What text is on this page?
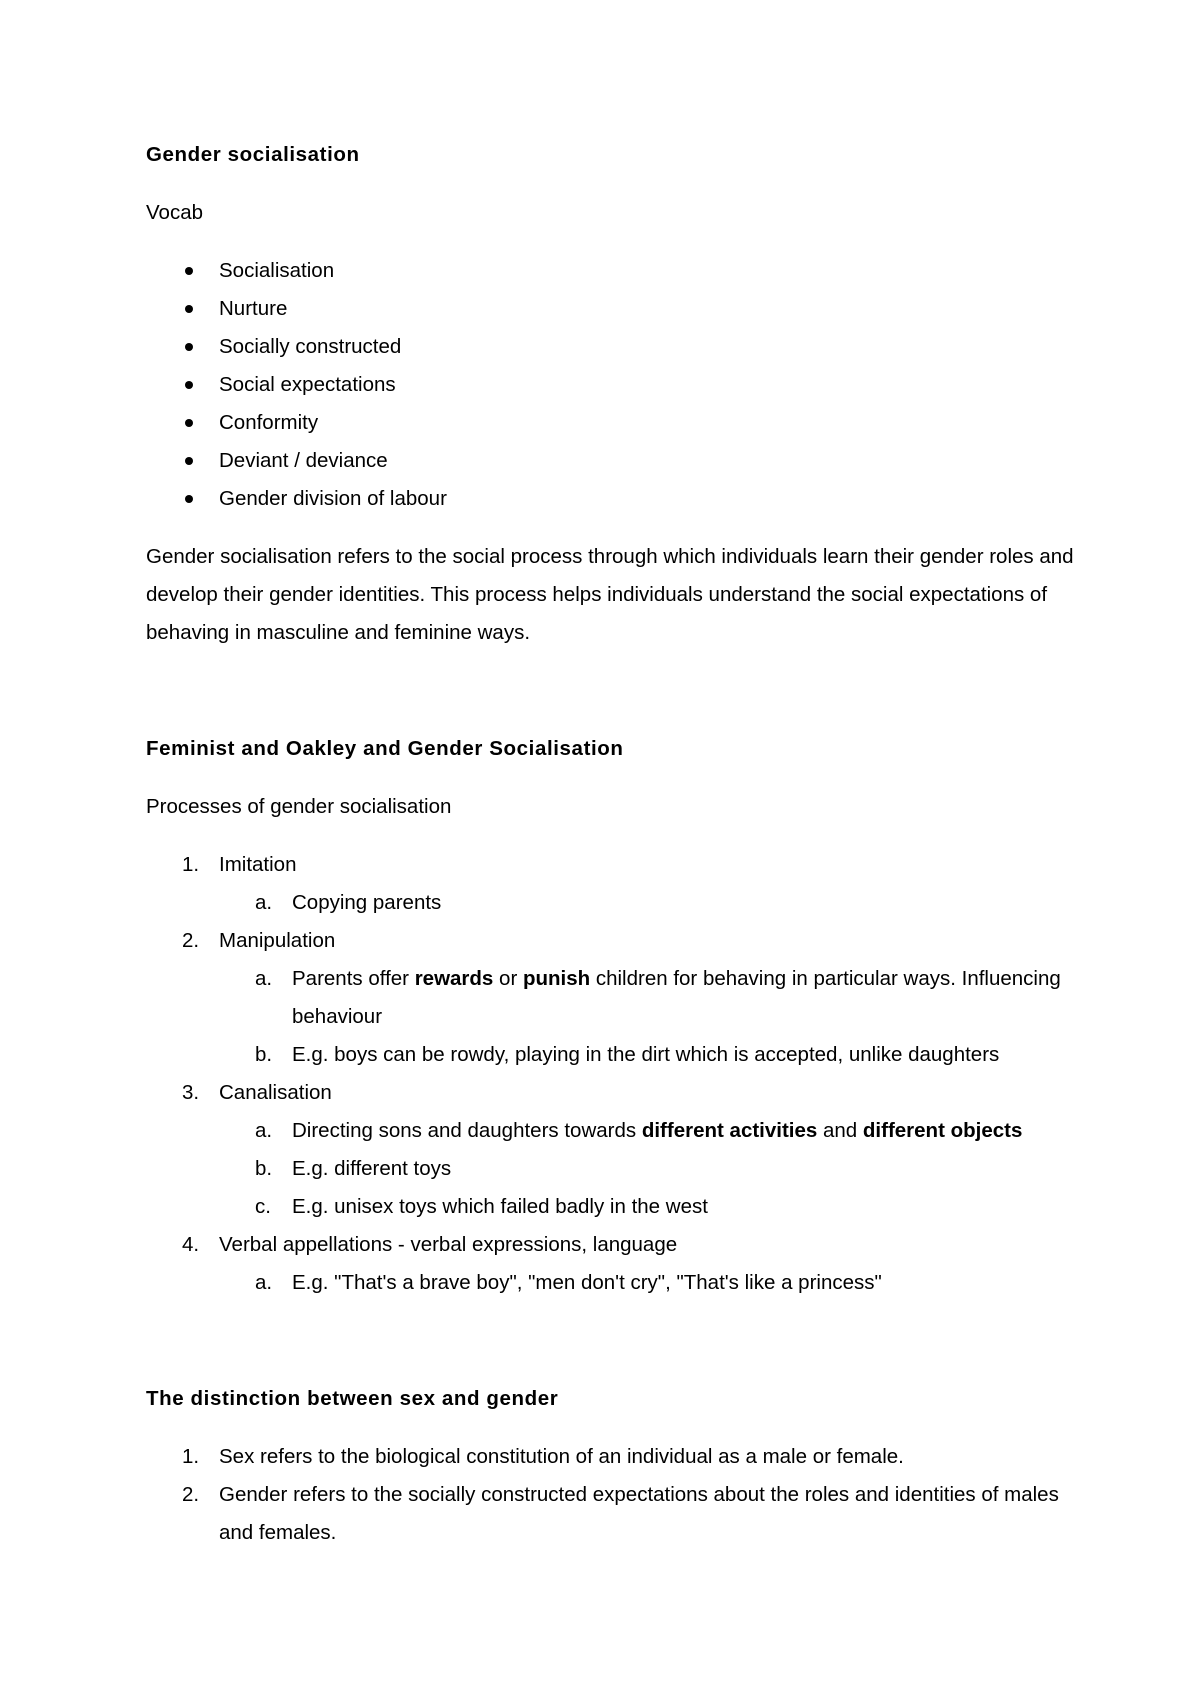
Gender socialisation

Vocab

Socialisation
Nurture
Socially constructed
Social expectations
Conformity
Deviant / deviance
Gender division of labour

Gender socialisation refers to the social process through which individuals learn their gender roles and develop their gender identities. This process helps individuals understand the social expectations of behaving in masculine and feminine ways.

Feminist and Oakley and Gender Socialisation

Processes of gender socialisation

1. Imitation
a. Copying parents
2. Manipulation
a. Parents offer rewards or punish children for behaving in particular ways. Influencing behaviour
b. E.g. boys can be rowdy, playing in the dirt which is accepted, unlike daughters
3. Canalisation
a. Directing sons and daughters towards different activities and different objects
b. E.g. different toys
c. E.g. unisex toys which failed badly in the west
4. Verbal appellations - verbal expressions, language
a. E.g. "That's a brave boy", "men don't cry", "That's like a princess"

The distinction between sex and gender

1. Sex refers to the biological constitution of an individual as a male or female.
2. Gender refers to the socially constructed expectations about the roles and identities of males and females.
